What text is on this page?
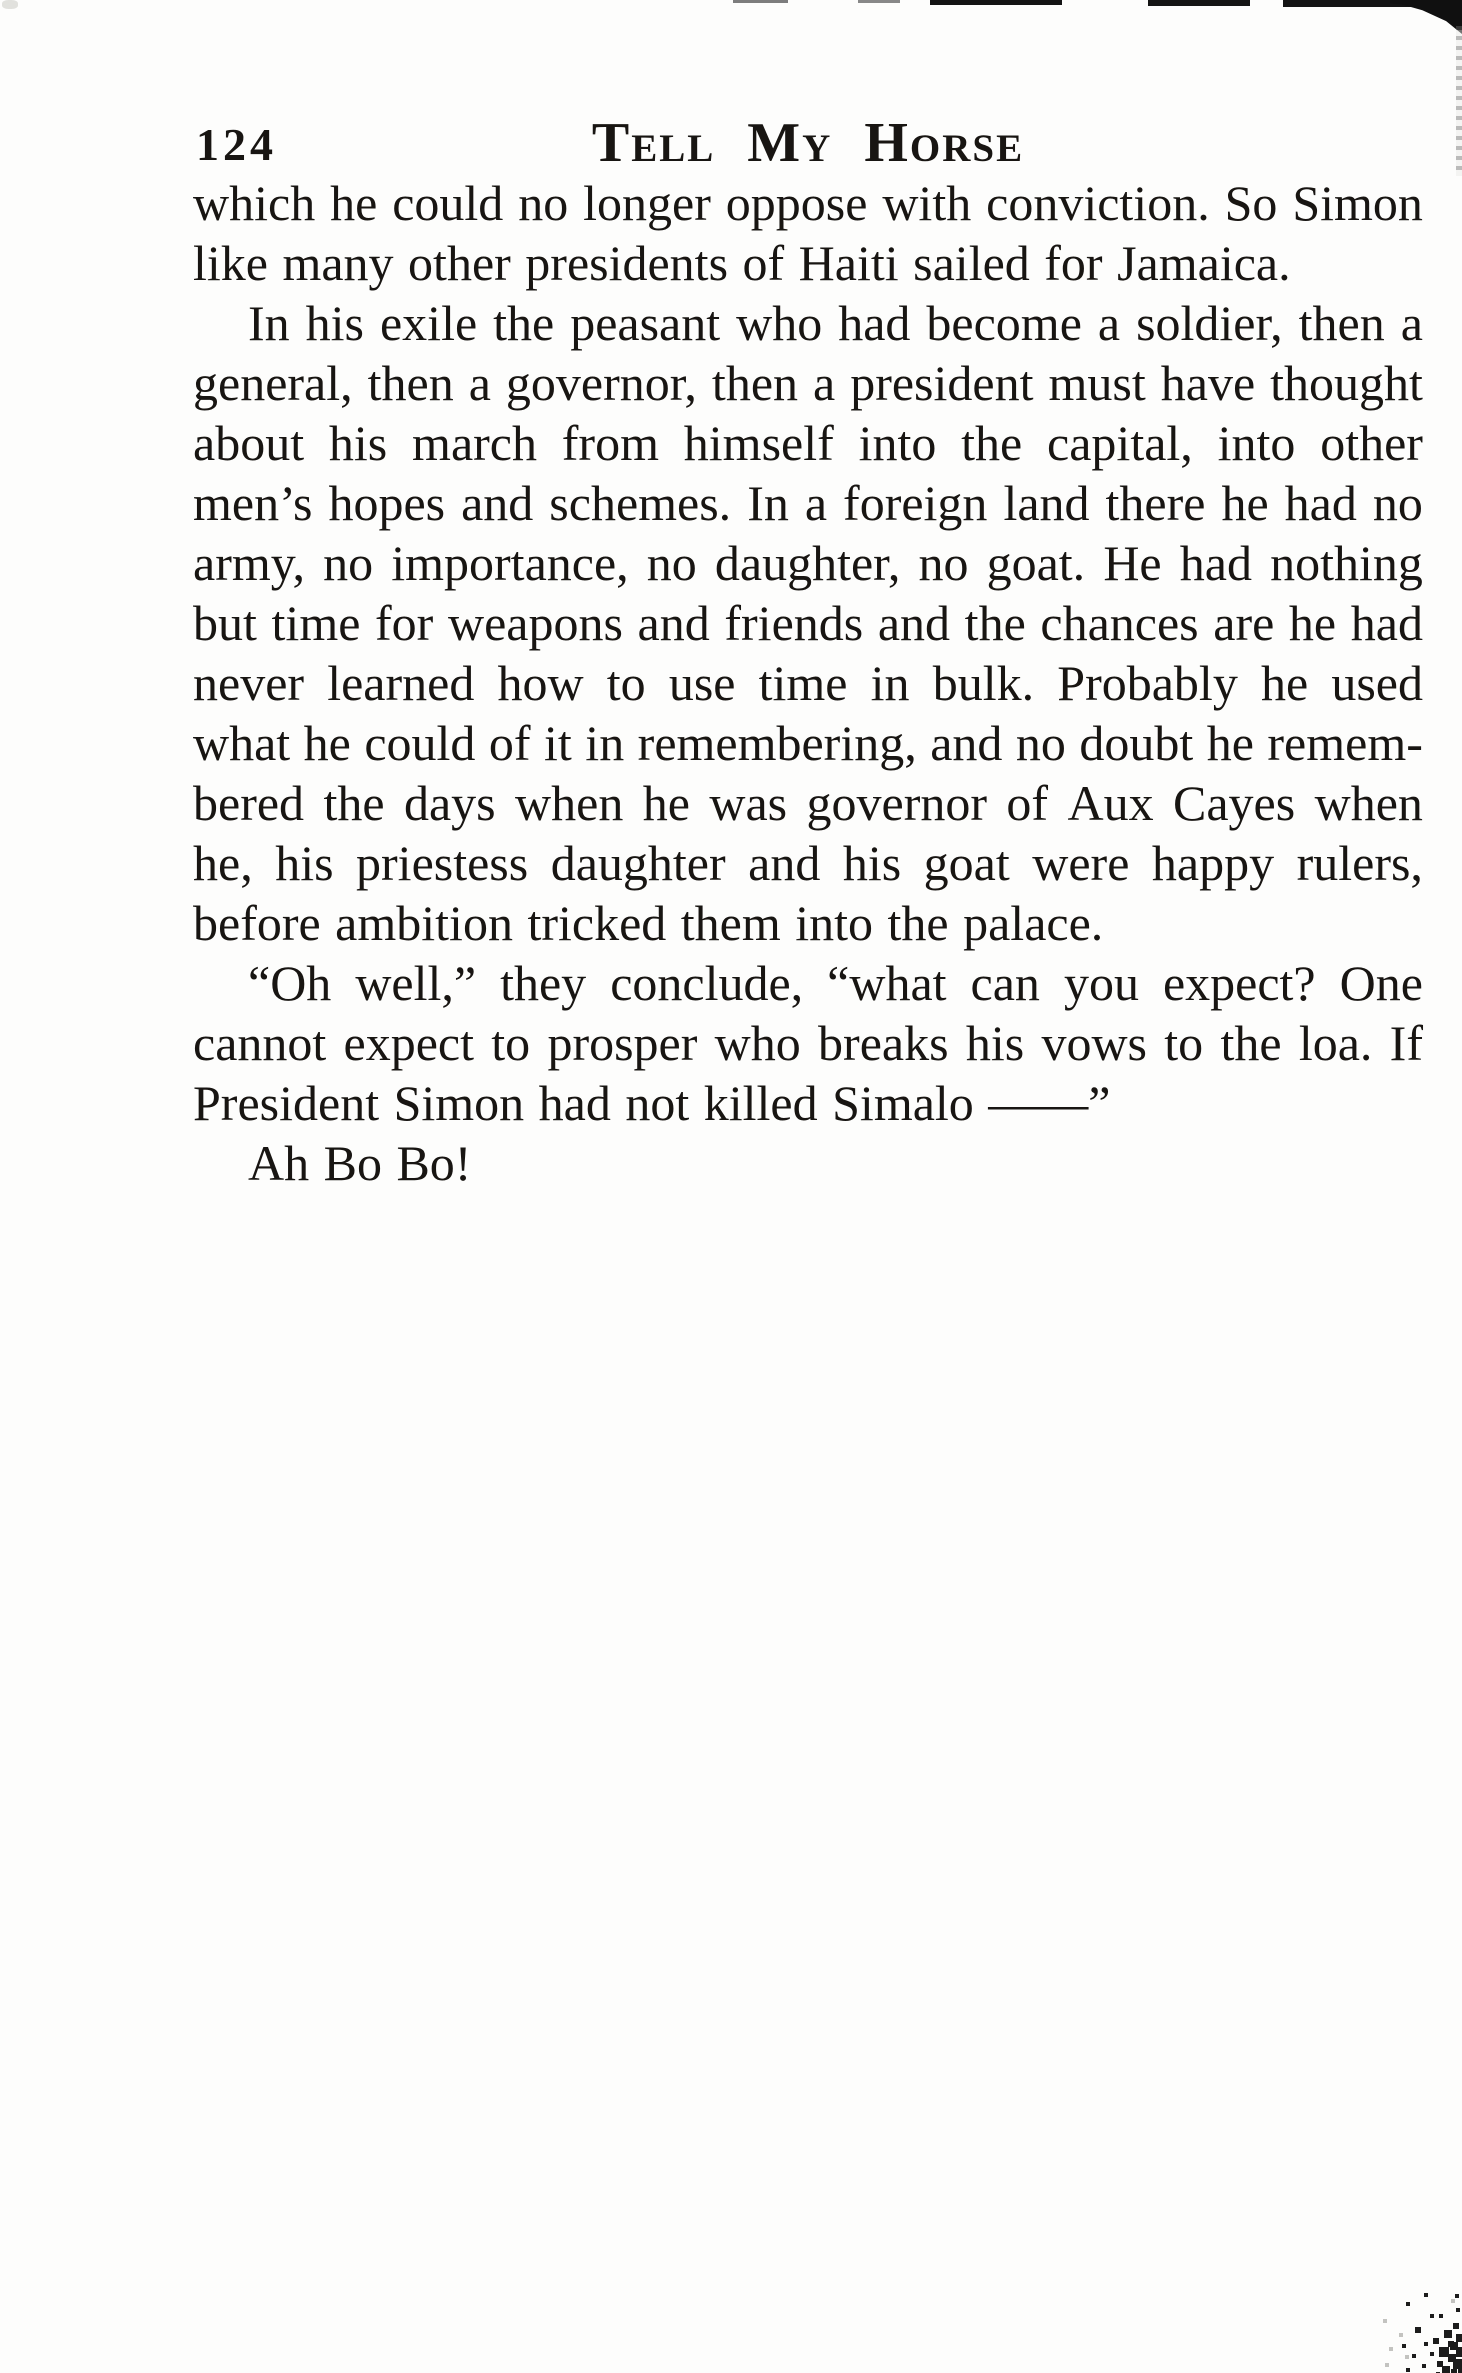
124	Tell My Horse
which he could no longer oppose with conviction. So Simon
like many other presidents of Haiti sailed for Jamaica.
In his exile the peasant who had become a soldier, then a
general, then a governor, then a president must have thought
about his march from himself into the capital, into other
men’s hopes and schemes. In a foreign land there he had no
army, no importance, no daughter, no goat. He had nothing
but time for weapons and friends and the chances are he had
never learned how to use time in bulk. Probably he used
what he could of it in remembering, and no doubt he remem-
bered the days when he was governor of Aux Cayes when
he, his priestess daughter and his goat were happy rulers,
before ambition tricked them into the palace.
“Oh well,” they conclude, “what can you expect? One
cannot expect to prosper who breaks his vows to the loa. If
President Simon had not killed Simalo ——”
Ah Bo Bo!
